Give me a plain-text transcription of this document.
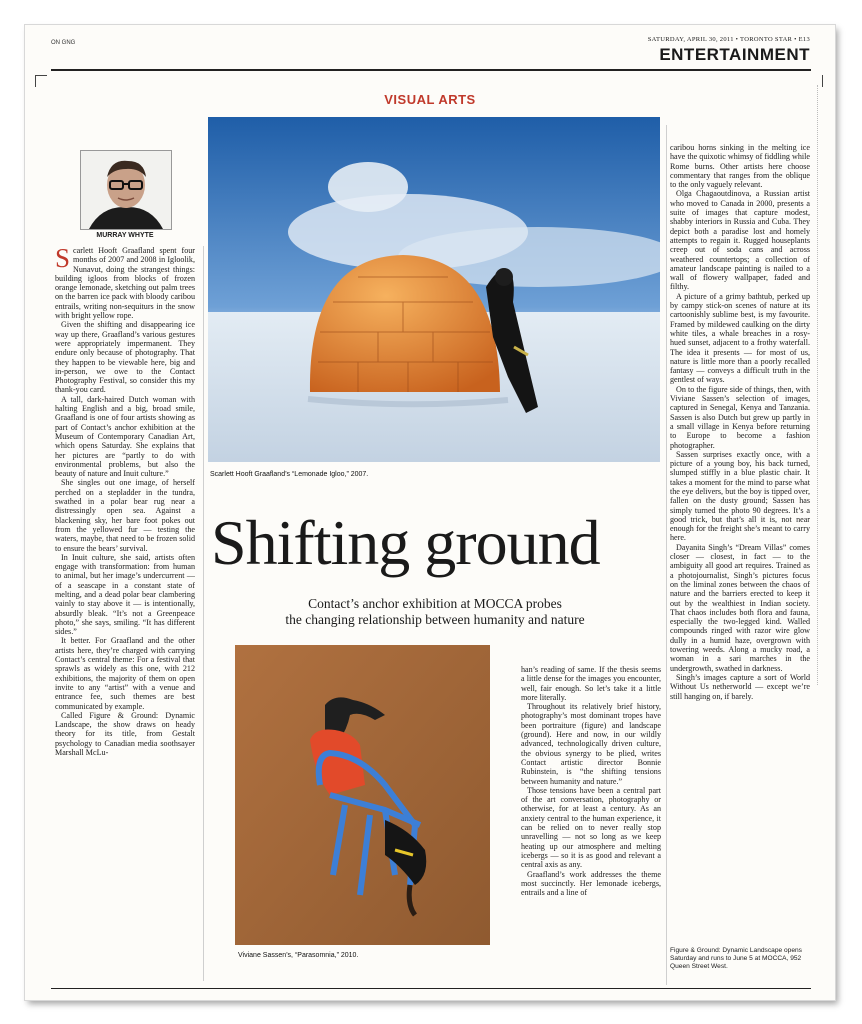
ON GNG	SATURDAY, APRIL 30, 2011 • TORONTO STAR • E13
ENTERTAINMENT
VISUAL ARTS
MURRAY WHYTE

Scarlett Hooft Graafland spent four months of 2007 and 2008 in Igloolik, Nunavut, doing the strangest things: building igloos from blocks of frozen orange lemonade, sketching out palm trees on the barren ice pack with bloody caribou entrails, writing non-sequiturs in the snow with bright yellow rope.

Given the shifting and disappearing ice way up there, Graafland’s various gestures were appropriately impermanent. They endure only because of photography. That they happen to be viewable here, big and in-person, we owe to the Contact Photography Festival, so consider this my thank-you card.

A tall, dark-haired Dutch woman with halting English and a big, broad smile, Graafland is one of four artists showing as part of Contact’s anchor exhibition at the Museum of Contemporary Canadian Art, which opens Saturday. She explains that her pictures are “partly to do with environmental problems, but also the beauty of nature and Inuit culture.”

She singles out one image, of herself perched on a stepladder in the tundra, swathed in a polar bear rug near a distressingly open sea. Against a blackening sky, her bare foot pokes out from the yellowed fur — testing the waters, maybe, that need to be frozen solid to ensure the bears’ survival.

In Inuit culture, she said, artists often engage with transformation: from human to animal, but her image’s undercurrent — of a seascape in a constant state of melting, and a dead polar bear clambering vainly to stay above it — is intentionally, absurdly bleak. “It’s not a Greenpeace photo,” she says, smiling. “It has different sides.”

It better. For Graafland and the other artists here, they’re charged with carrying Contact’s central theme: For a festival that sprawls as widely as this one, with 212 exhibitions, the majority of them on open invite to any “artist” with a venue and entrance fee, such themes are best communicated by example.

Called Figure & Ground: Dynamic Landscape, the show draws on heady theory for its title, from Gestalt psychology to Canadian media soothsayer Marshall McLu-

Scarlett Hooft Graafland’s “Lemonade Igloo,” 2007.
Shifting ground
Contact’s anchor exhibition at MOCCA probes
the changing relationship between humanity and nature
Viviane Sassen’s, “Parasomnia,” 2010.

han’s reading of same. If the thesis seems a little dense for the images you encounter, well, fair enough. So let’s take it a little more literally.

Throughout its relatively brief history, photography’s most dominant tropes have been portraiture (figure) and landscape (ground). Here and now, in our wildly advanced, technologically driven culture, the obvious synergy to be plied, writes Contact artistic director Bonnie Rubinstein, is “the shifting tensions between humanity and nature.”

Those tensions have been a central part of the art conversation, photography or otherwise, for at least a century. As an anxiety central to the human experience, it can be relied on to never really stop unravelling — not so long as we keep heating up our atmosphere and melting icebergs — so it is as good and relevant a central axis as any.

Graafland’s work addresses the theme most succinctly. Her lemonade icebergs, entrails and a line of

caribou horns sinking in the melting ice have the quixotic whimsy of fiddling while Rome burns. Other artists here choose commentary that ranges from the oblique to the only vaguely relevant.

Olga Chagaoutdinova, a Russian artist who moved to Canada in 2000, presents a suite of images that capture modest, shabby interiors in Russia and Cuba. They depict both a paradise lost and homely attempts to regain it. Rugged houseplants creep out of soda cans and across weathered countertops; a collection of amateur landscape painting is nailed to a wall of flowery wallpaper, faded and filthy.

A picture of a grimy bathtub, perked up by campy stick-on scenes of nature at its cartoonishly sublime best, is my favourite. Framed by mildewed caulking on the dirty white tiles, a whale breaches in a rosy-hued sunset, adjacent to a frothy waterfall. The idea it presents — for most of us, nature is little more than a poorly recalled fantasy — conveys a difficult truth in the gentlest of ways.

On to the figure side of things, then, with Viviane Sassen’s selection of images, captured in Senegal, Kenya and Tanzania. Sassen is also Dutch but grew up partly in a small village in Kenya before returning to Europe to become a fashion photographer.

Sassen surprises exactly once, with a picture of a young boy, his back turned, slumped stiffly in a blue plastic chair. It takes a moment for the mind to parse what the eye delivers, but the boy is tipped over, fallen on the dusty ground; Sassen has simply turned the photo 90 degrees. It’s a good trick, but that’s all it is, not near enough for the freight she’s meant to carry here.

Dayanita Singh’s “Dream Villas” comes closer — closest, in fact — to the ambiguity all good art requires. Trained as a photojournalist, Singh’s pictures focus on the liminal zones between the chaos of nature and the barriers erected to keep it out by the wealthiest in Indian society. That chaos includes both flora and fauna, especially the two-legged kind. Walled compounds ringed with razor wire glow dully in a humid haze, overgrown with towering weeds. Along a mucky road, a woman in a sari marches in the undergrowth, swathed in darkness.

Singh’s images capture a sort of World Without Us netherworld — except we’re still hanging on, if barely.

Figure & Ground: Dynamic Landscape opens Saturday and runs to June 5 at MOCCA, 952 Queen Street West.
